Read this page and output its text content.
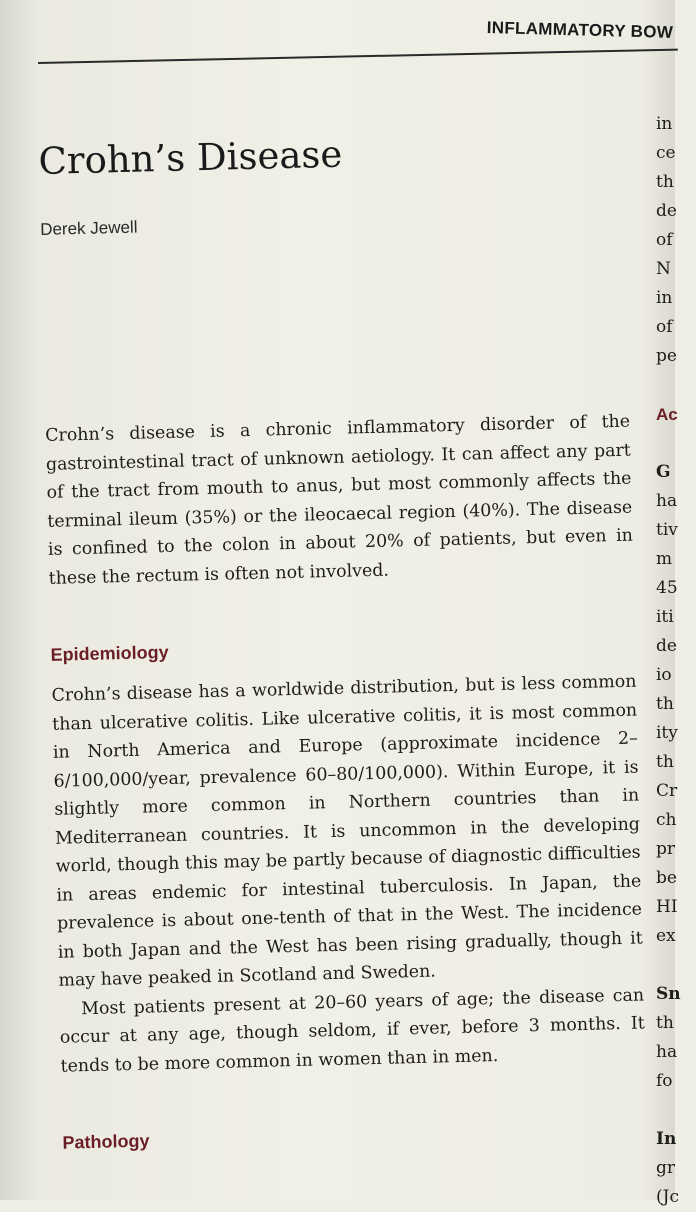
INFLAMMATORY BOW
Crohn’s Disease
Derek Jewell

Crohn’s disease is a chronic inflammatory disorder of the gastrointestinal tract of unknown aetiology. It can affect any part of the tract from mouth to anus, but most commonly affects the terminal ileum (35%) or the ileocaecal region (40%). The disease is confined to the colon in about 20% of patients, but even in these the rectum is often not involved.

Epidemiology

Crohn’s disease has a worldwide distribution, but is less common than ulcerative colitis. Like ulcerative colitis, it is most common in North America and Europe (approximate incidence 2–6/100,000/year, prevalence 60–80/100,000). Within Europe, it is slightly more common in Northern countries than in Mediterranean countries. It is uncommon in the developing world, though this may be partly because of diagnostic difficulties in areas endemic for intestinal tuberculosis. In Japan, the prevalence is about one-tenth of that in the West. The incidence in both Japan and the West has been rising gradually, though it may have peaked in Scotland and Sweden.

Most patients present at 20–60 years of age; the disease can occur at any age, though seldom, if ever, before 3 months. It tends to be more common in women than in men.

Pathology
in
ce
th
de
of
N
in
of
pe
Ac
G
ha
tiv
m
45
iti
de
io
th
ity
th
Cr
ch
pr
be
HI
ex
Sn
th
ha
fo
In
gr
(Jc
